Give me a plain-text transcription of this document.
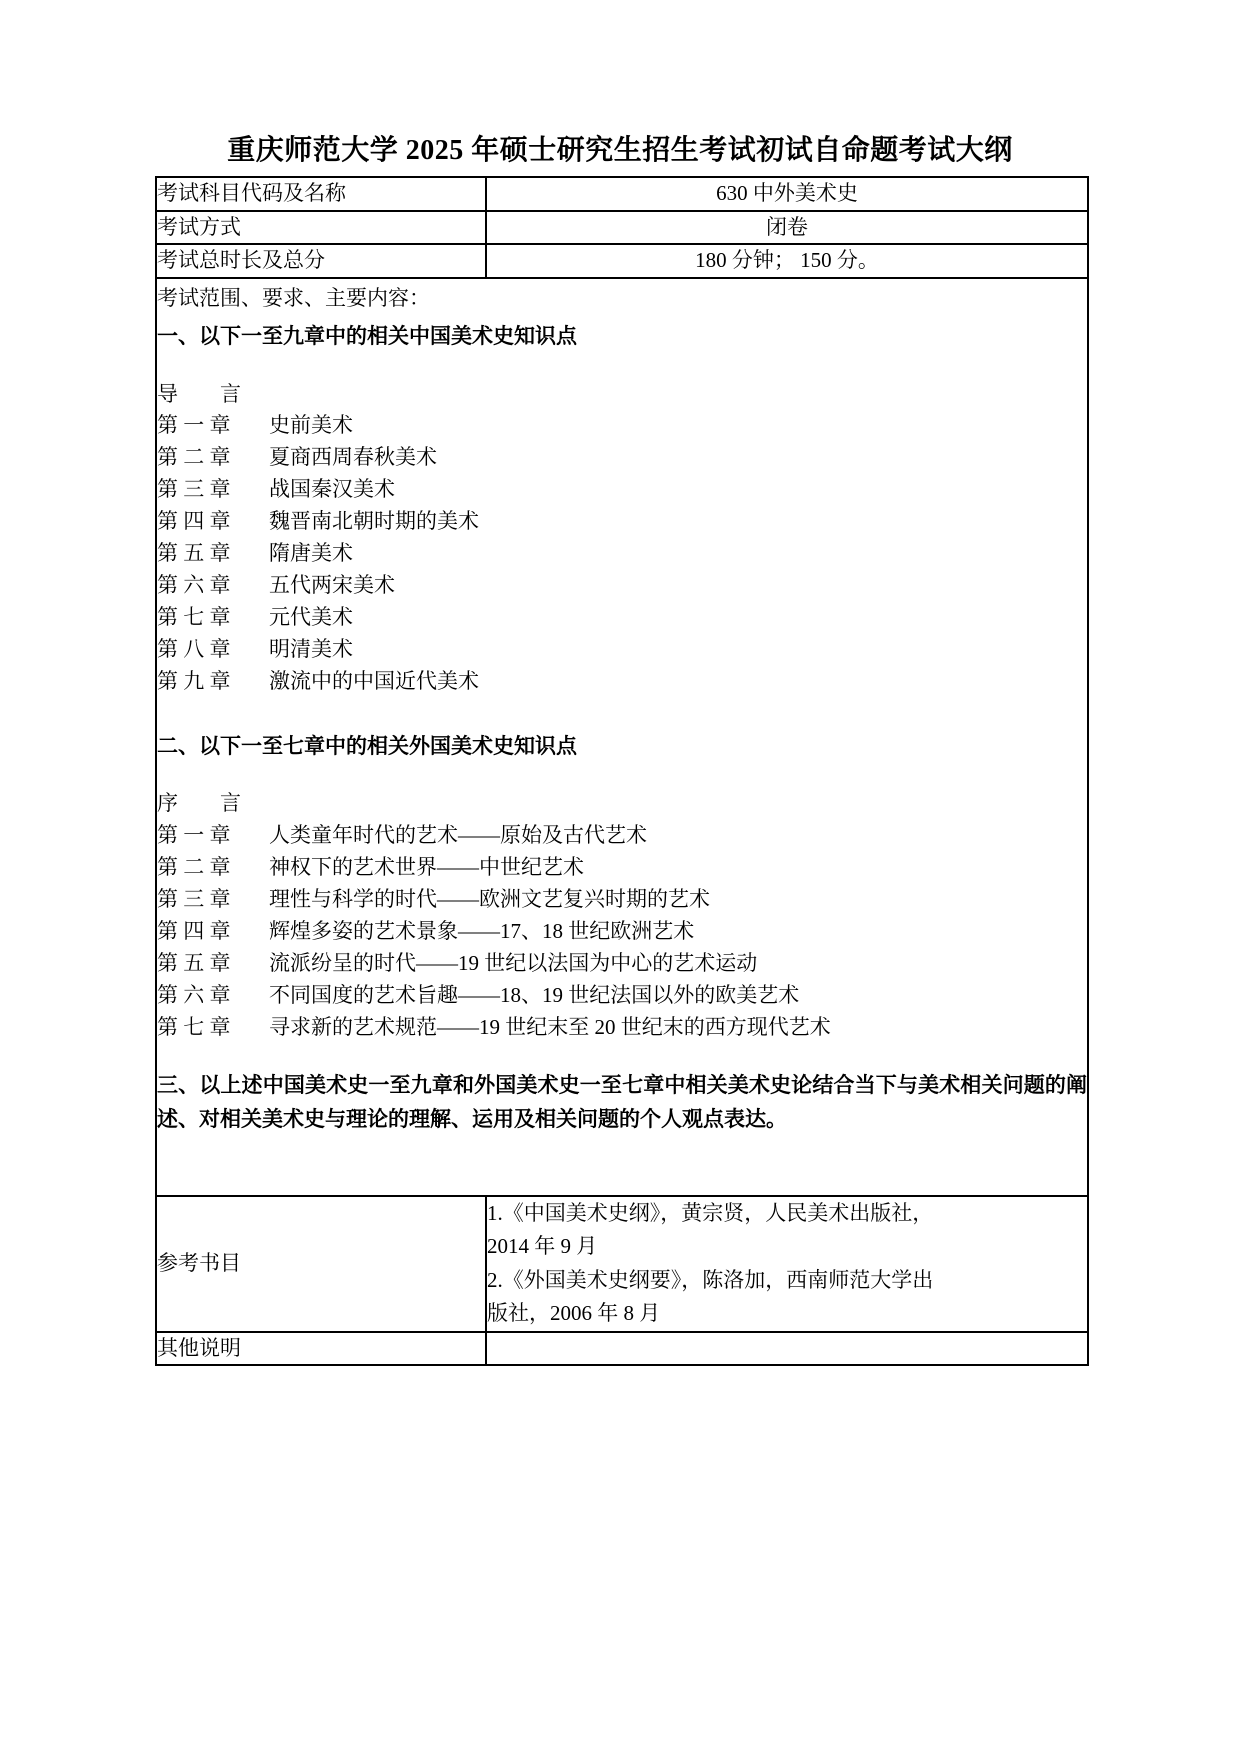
重庆师范大学 2025 年硕士研究生招生考试初试自命题考试大纲
考试科目代码及名称	630 中外美术史
考试方式	闭卷
考试总时长及总分	180 分钟； 150 分。

考试范围、要求、主要内容：
一、以下一至九章中的相关中国美术史知识点
导　　言
第 一 章 史前美术
第 二 章 夏商西周春秋美术
第 三 章 战国秦汉美术
第 四 章 魏晋南北朝时期的美术
第 五 章 隋唐美术
第 六 章 五代两宋美术
第 七 章 元代美术
第 八 章 明清美术
第 九 章 激流中的中国近代美术
二、以下一至七章中的相关外国美术史知识点
序　　言
第 一 章 人类童年时代的艺术——原始及古代艺术
第 二 章 神权下的艺术世界——中世纪艺术
第 三 章 理性与科学的时代——欧洲文艺复兴时期的艺术
第 四 章 辉煌多姿的艺术景象——17、18 世纪欧洲艺术
第 五 章 流派纷呈的时代——19 世纪以法国为中心的艺术运动
第 六 章 不同国度的艺术旨趣——18、19 世纪法国以外的欧美艺术
第 七 章 寻求新的艺术规范——19 世纪末至 20 世纪末的西方现代艺术
三、以上述中国美术史一至九章和外国美术史一至七章中相关美术史论结合当下与美术相关问题的阐述、对相关美术史与理论的理解、运用及相关问题的个人观点表达。

参考书目	1.《中国美术史纲》，黄宗贤，人民美术出版社，
2014 年 9 月
2.《外国美术史纲要》，陈洛加，西南师范大学出
版社，2006 年 8 月

其他说明	
